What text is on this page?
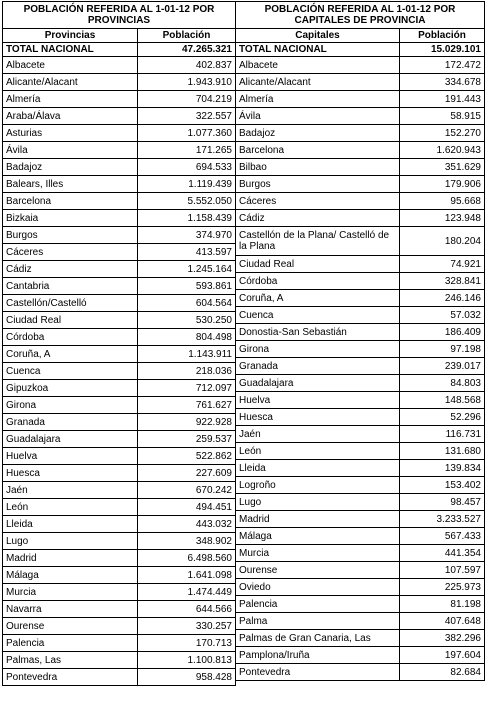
POBLACIÓN REFERIDA AL 1-01-12 POR PROVINCIAS	
Provincias	Población
TOTAL NACIONAL	47.265.321
Albacete	402.837
Alicante/Alacant	1.943.910
Almería	704.219
Araba/Álava	322.557
Asturias	1.077.360
Ávila	171.265
Badajoz	694.533
Balears, Illes	1.119.439
Barcelona	5.552.050
Bizkaia	1.158.439
Burgos	374.970
Cáceres	413.597
Cádiz	1.245.164
Cantabria	593.861
Castellón/Castelló	604.564
Ciudad Real	530.250
Córdoba	804.498
Coruña, A	1.143.911
Cuenca	218.036
Gipuzkoa	712.097
Girona	761.627
Granada	922.928
Guadalajara	259.537
Huelva	522.862
Huesca	227.609
Jaén	670.242
León	494.451
Lleida	443.032
Lugo	348.902
Madrid	6.498.560
Málaga	1.641.098
Murcia	1.474.449
Navarra	644.566
Ourense	330.257
Palencia	170.713
Palmas, Las	1.100.813
Pontevedra	958.428
POBLACIÓN REFERIDA AL 1-01-12 POR CAPITALES DE PROVINCIA	
Capitales	Población
TOTAL NACIONAL	15.029.101
Albacete	172.472
Alicante/Alacant	334.678
Almería	191.443
Ávila	58.915
Badajoz	152.270
Barcelona	1.620.943
Bilbao	351.629
Burgos	179.906
Cáceres	95.668
Cádiz	123.948
Castellón de la Plana/ Castelló de la Plana	180.204
Ciudad Real	74.921
Córdoba	328.841
Coruña, A	246.146
Cuenca	57.032
Donostia-San Sebastián	186.409
Girona	97.198
Granada	239.017
Guadalajara	84.803
Huelva	148.568
Huesca	52.296
Jaén	116.731
León	131.680
Lleida	139.834
Logroño	153.402
Lugo	98.457
Madrid	3.233.527
Málaga	567.433
Murcia	441.354
Ourense	107.597
Oviedo	225.973
Palencia	81.198
Palma	407.648
Palmas de Gran Canaria, Las	382.296
Pamplona/Iruña	197.604
Pontevedra	82.684
